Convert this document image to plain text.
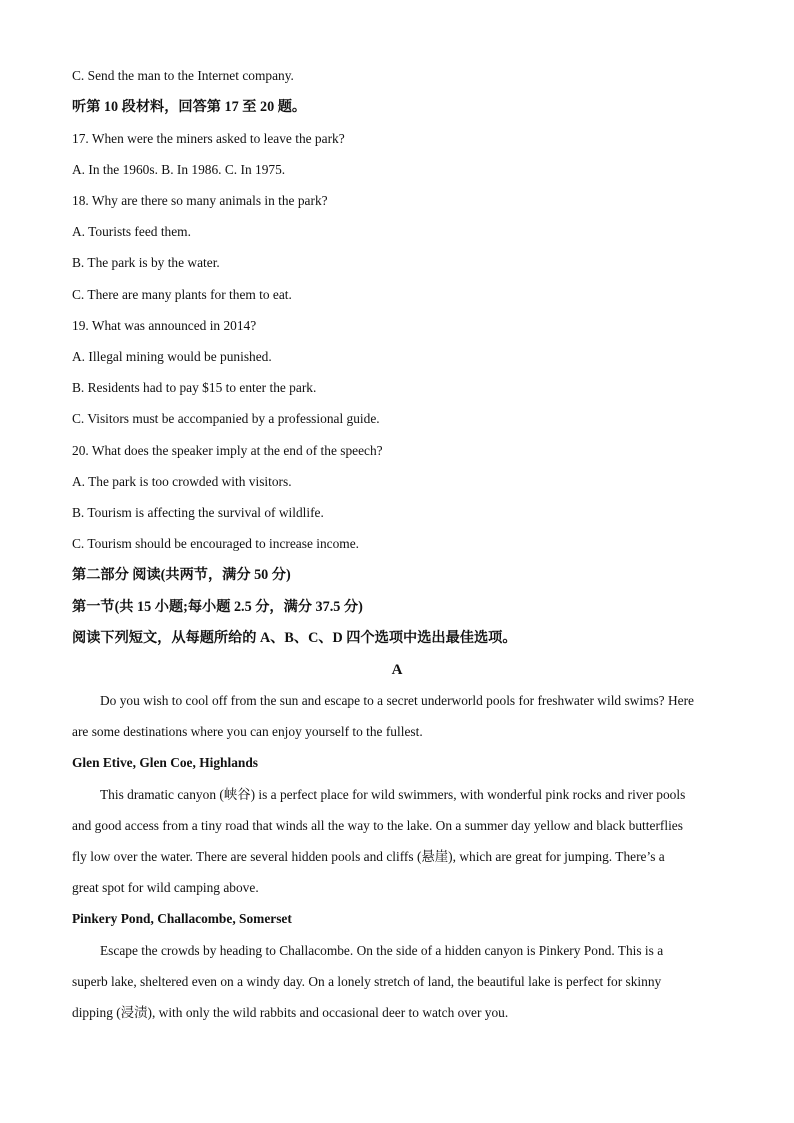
C. Send the man to the Internet company.
听第 10 段材料，回答第 17 至 20 题。
17. When were the miners asked to leave the park?
A. In the 1960s. B. In 1986. C. In 1975.
18. Why are there so many animals in the park?
A. Tourists feed them.
B. The park is by the water.
C. There are many plants for them to eat.
19. What was announced in 2014?
A. Illegal mining would be punished.
B. Residents had to pay $15 to enter the park.
C. Visitors must be accompanied by a professional guide.
20. What does the speaker imply at the end of the speech?
A. The park is too crowded with visitors.
B. Tourism is affecting the survival of wildlife.
C. Tourism should be encouraged to increase income.
第二部分 阅读(共两节，满分 50 分)
第一节(共 15 小题;每小题 2.5 分，满分 37.5 分)
阅读下列短文，从每题所给的 A、B、C、D 四个选项中选出最佳选项。
A
Do you wish to cool off from the sun and escape to a secret underworld pools for freshwater wild swims? Here
are some destinations where you can enjoy yourself to the fullest.
Glen Etive, Glen Coe, Highlands
This dramatic canyon (峡谷) is a perfect place for wild swimmers, with wonderful pink rocks and river pools
and good access from a tiny road that winds all the way to the lake. On a summer day yellow and black butterflies
fly low over the water. There are several hidden pools and cliffs (悬崖), which are great for jumping. There’s a
great spot for wild camping above.
Pinkery Pond, Challacombe, Somerset
Escape the crowds by heading to Challacombe. On the side of a hidden canyon is Pinkery Pond. This is a
superb lake, sheltered even on a windy day. On a lonely stretch of land, the beautiful lake is perfect for skinny
dipping (浸渍), with only the wild rabbits and occasional deer to watch over you.
